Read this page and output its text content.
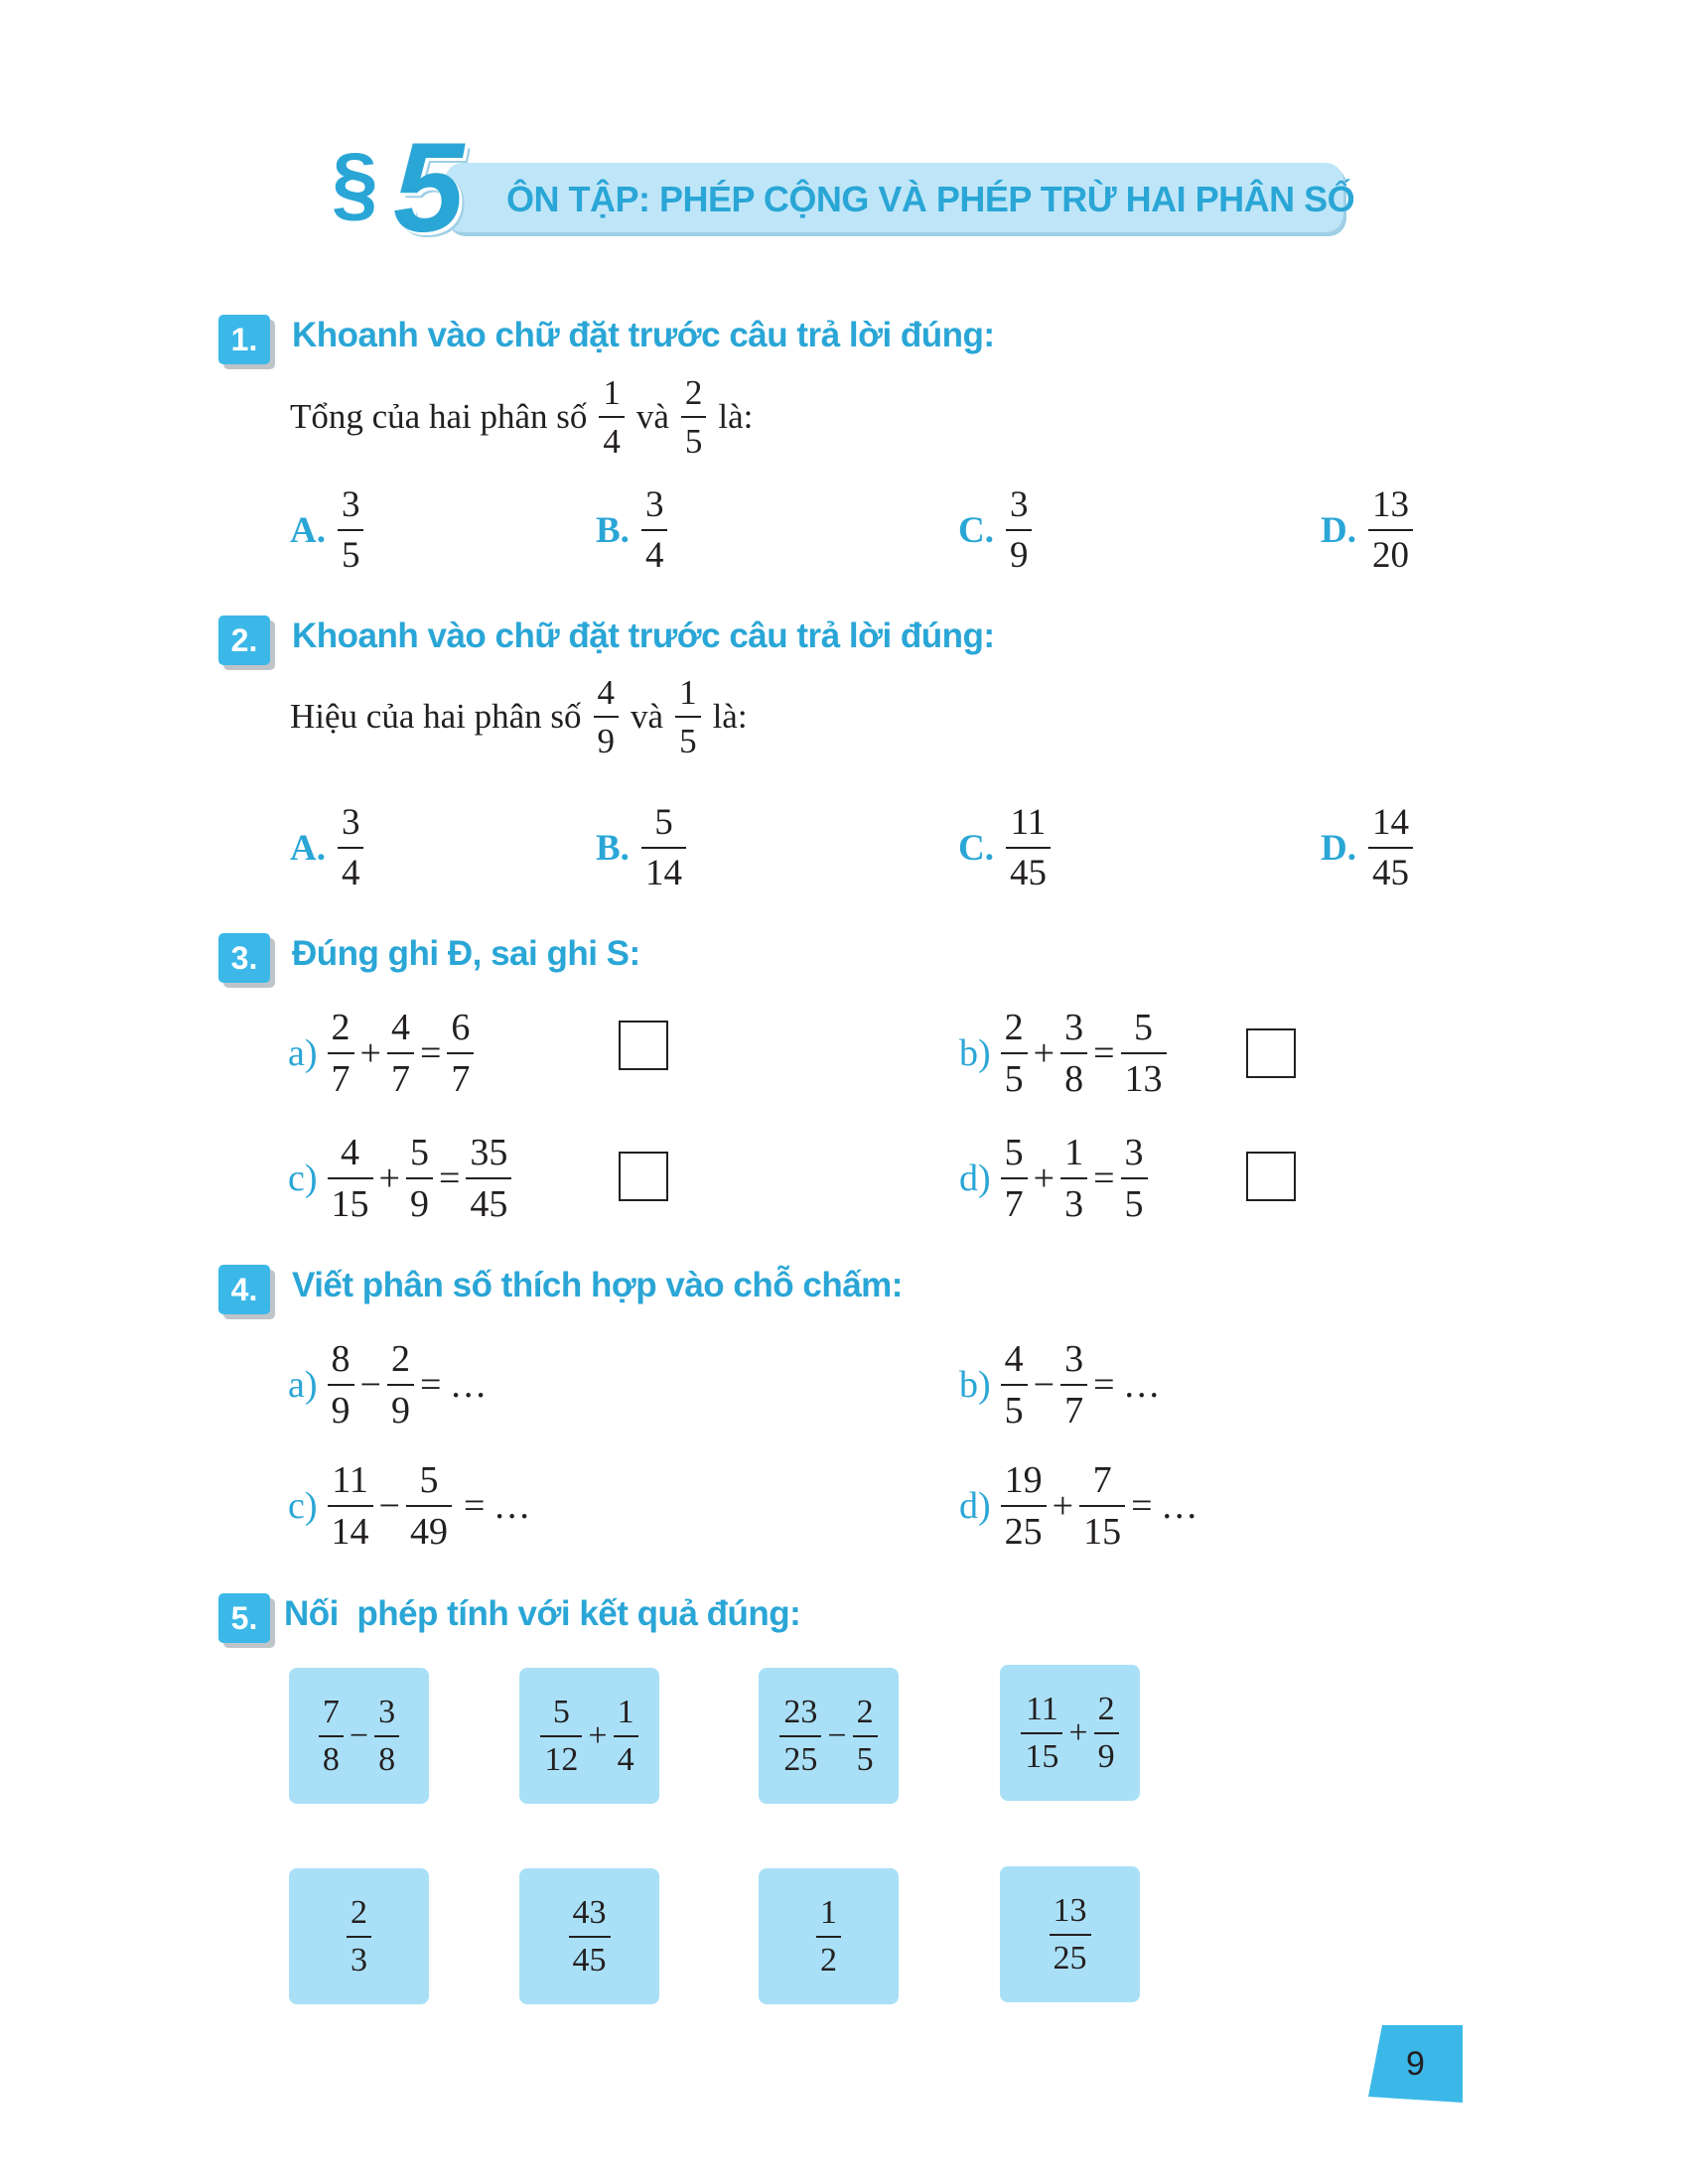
§ 5 ÔN TẬP: PHÉP CỘNG VÀ PHÉP TRỪ HAI PHÂN SỐ
1. Khoanh vào chữ đặt trước câu trả lời đúng:
Tổng của hai phân số $\frac{1}{4}$ và $\frac{2}{5}$ là:
A. $\frac{3}{5}$	B. $\frac{3}{4}$	C. $\frac{3}{9}$	D. $\frac{13}{20}$
2. Khoanh vào chữ đặt trước câu trả lời đúng:
Hiệu của hai phân số $\frac{4}{9}$ và $\frac{1}{5}$ là:
A. $\frac{3}{4}$	B. $\frac{5}{14}$	C. $\frac{11}{45}$	D. $\frac{14}{45}$
3. Đúng ghi Đ, sai ghi S:
$a) \frac{2}{7} + \frac{4}{7} = \frac{6}{7}$	$b) \frac{2}{5} + \frac{3}{8} = \frac{5}{13}$
$c) \frac{4}{15} + \frac{5}{9} = \frac{35}{45}$	$d) \frac{5}{7} + \frac{1}{3} = \frac{3}{5}$
4. Viết phân số thích hợp vào chỗ chấm:
$a) \frac{8}{9} - \frac{2}{9}$ = ...	$b) \frac{4}{5} - \frac{3}{7}$ = ...
$c) \frac{11}{14} - \frac{5}{49}$ = ...	$d) \frac{19}{25} + \frac{7}{15}$ = ...
5. Nối  phép tính với kết quả đúng:
$\frac{7}{8} - \frac{3}{8}$	$\frac{5}{12} + \frac{1}{4}$	$\frac{23}{25} - \frac{2}{5}$	$\frac{11}{15} + \frac{2}{9}$
$\frac{2}{3}$	$\frac{43}{45}$	$\frac{1}{2}$	$\frac{13}{25}$
9
